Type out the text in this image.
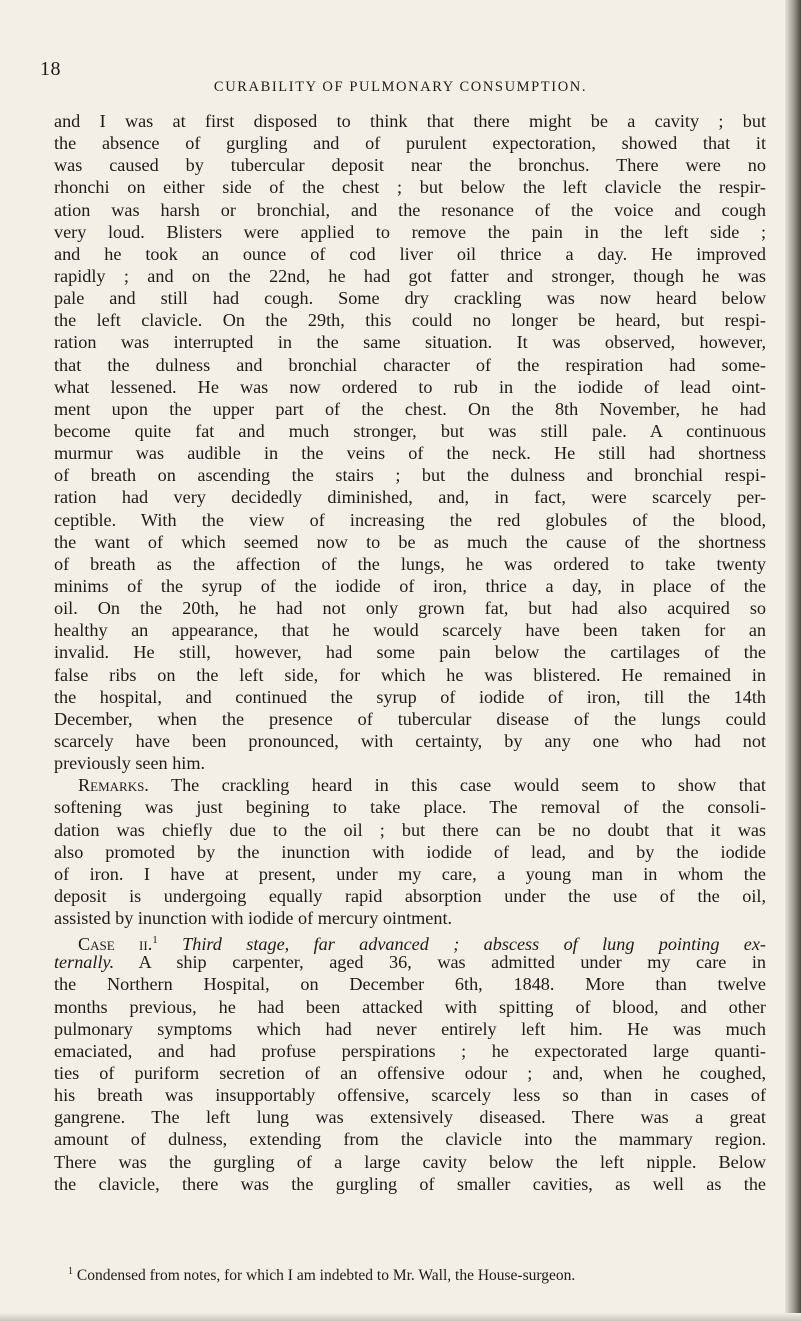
18
CURABILITY OF PULMONARY CONSUMPTION.
and I was at first disposed to think that there might be a cavity ; but
the absence of gurgling and of purulent expectoration, showed that it
was caused by tubercular deposit near the bronchus. There were no
rhonchi on either side of the chest ; but below the left clavicle the respir-
ation was harsh or bronchial, and the resonance of the voice and cough
very loud. Blisters were applied to remove the pain in the left side ;
and he took an ounce of cod liver oil thrice a day. He improved
rapidly ; and on the 22nd, he had got fatter and stronger, though he was
pale and still had cough. Some dry crackling was now heard below
the left clavicle. On the 29th, this could no longer be heard, but respi-
ration was interrupted in the same situation. It was observed, however,
that the dulness and bronchial character of the respiration had some-
what lessened. He was now ordered to rub in the iodide of lead oint-
ment upon the upper part of the chest. On the 8th November, he had
become quite fat and much stronger, but was still pale. A continuous
murmur was audible in the veins of the neck. He still had shortness
of breath on ascending the stairs ; but the dulness and bronchial respi-
ration had very decidedly diminished, and, in fact, were scarcely per-
ceptible. With the view of increasing the red globules of the blood,
the want of which seemed now to be as much the cause of the shortness
of breath as the affection of the lungs, he was ordered to take twenty
minims of the syrup of the iodide of iron, thrice a day, in place of the
oil. On the 20th, he had not only grown fat, but had also acquired so
healthy an appearance, that he would scarcely have been taken for an
invalid. He still, however, had some pain below the cartilages of the
false ribs on the left side, for which he was blistered. He remained in
the hospital, and continued the syrup of iodide of iron, till the 14th
December, when the presence of tubercular disease of the lungs could
scarcely have been pronounced, with certainty, by any one who had not
previously seen him.
Remarks. The crackling heard in this case would seem to show that
softening was just begining to take place. The removal of the consoli-
dation was chiefly due to the oil ; but there can be no doubt that it was
also promoted by the inunction with iodide of lead, and by the iodide
of iron. I have at present, under my care, a young man in whom the
deposit is undergoing equally rapid absorption under the use of the oil,
assisted by inunction with iodide of mercury ointment.
Case ii.$^1$ Third stage, far advanced ; abscess of lung pointing ex-
ternally. A ship carpenter, aged 36, was admitted under my care in
the Northern Hospital, on December 6th, 1848. More than twelve
months previous, he had been attacked with spitting of blood, and other
pulmonary symptoms which had never entirely left him. He was much
emaciated, and had profuse perspirations ; he expectorated large quanti-
ties of puriform secretion of an offensive odour ; and, when he coughed,
his breath was insupportably offensive, scarcely less so than in cases of
gangrene. The left lung was extensively diseased. There was a great
amount of dulness, extending from the clavicle into the mammary region.
There was the gurgling of a large cavity below the left nipple. Below
the clavicle, there was the gurgling of smaller cavities, as well as the
$^1$ Condensed from notes, for which I am indebted to Mr. Wall, the House-surgeon.
